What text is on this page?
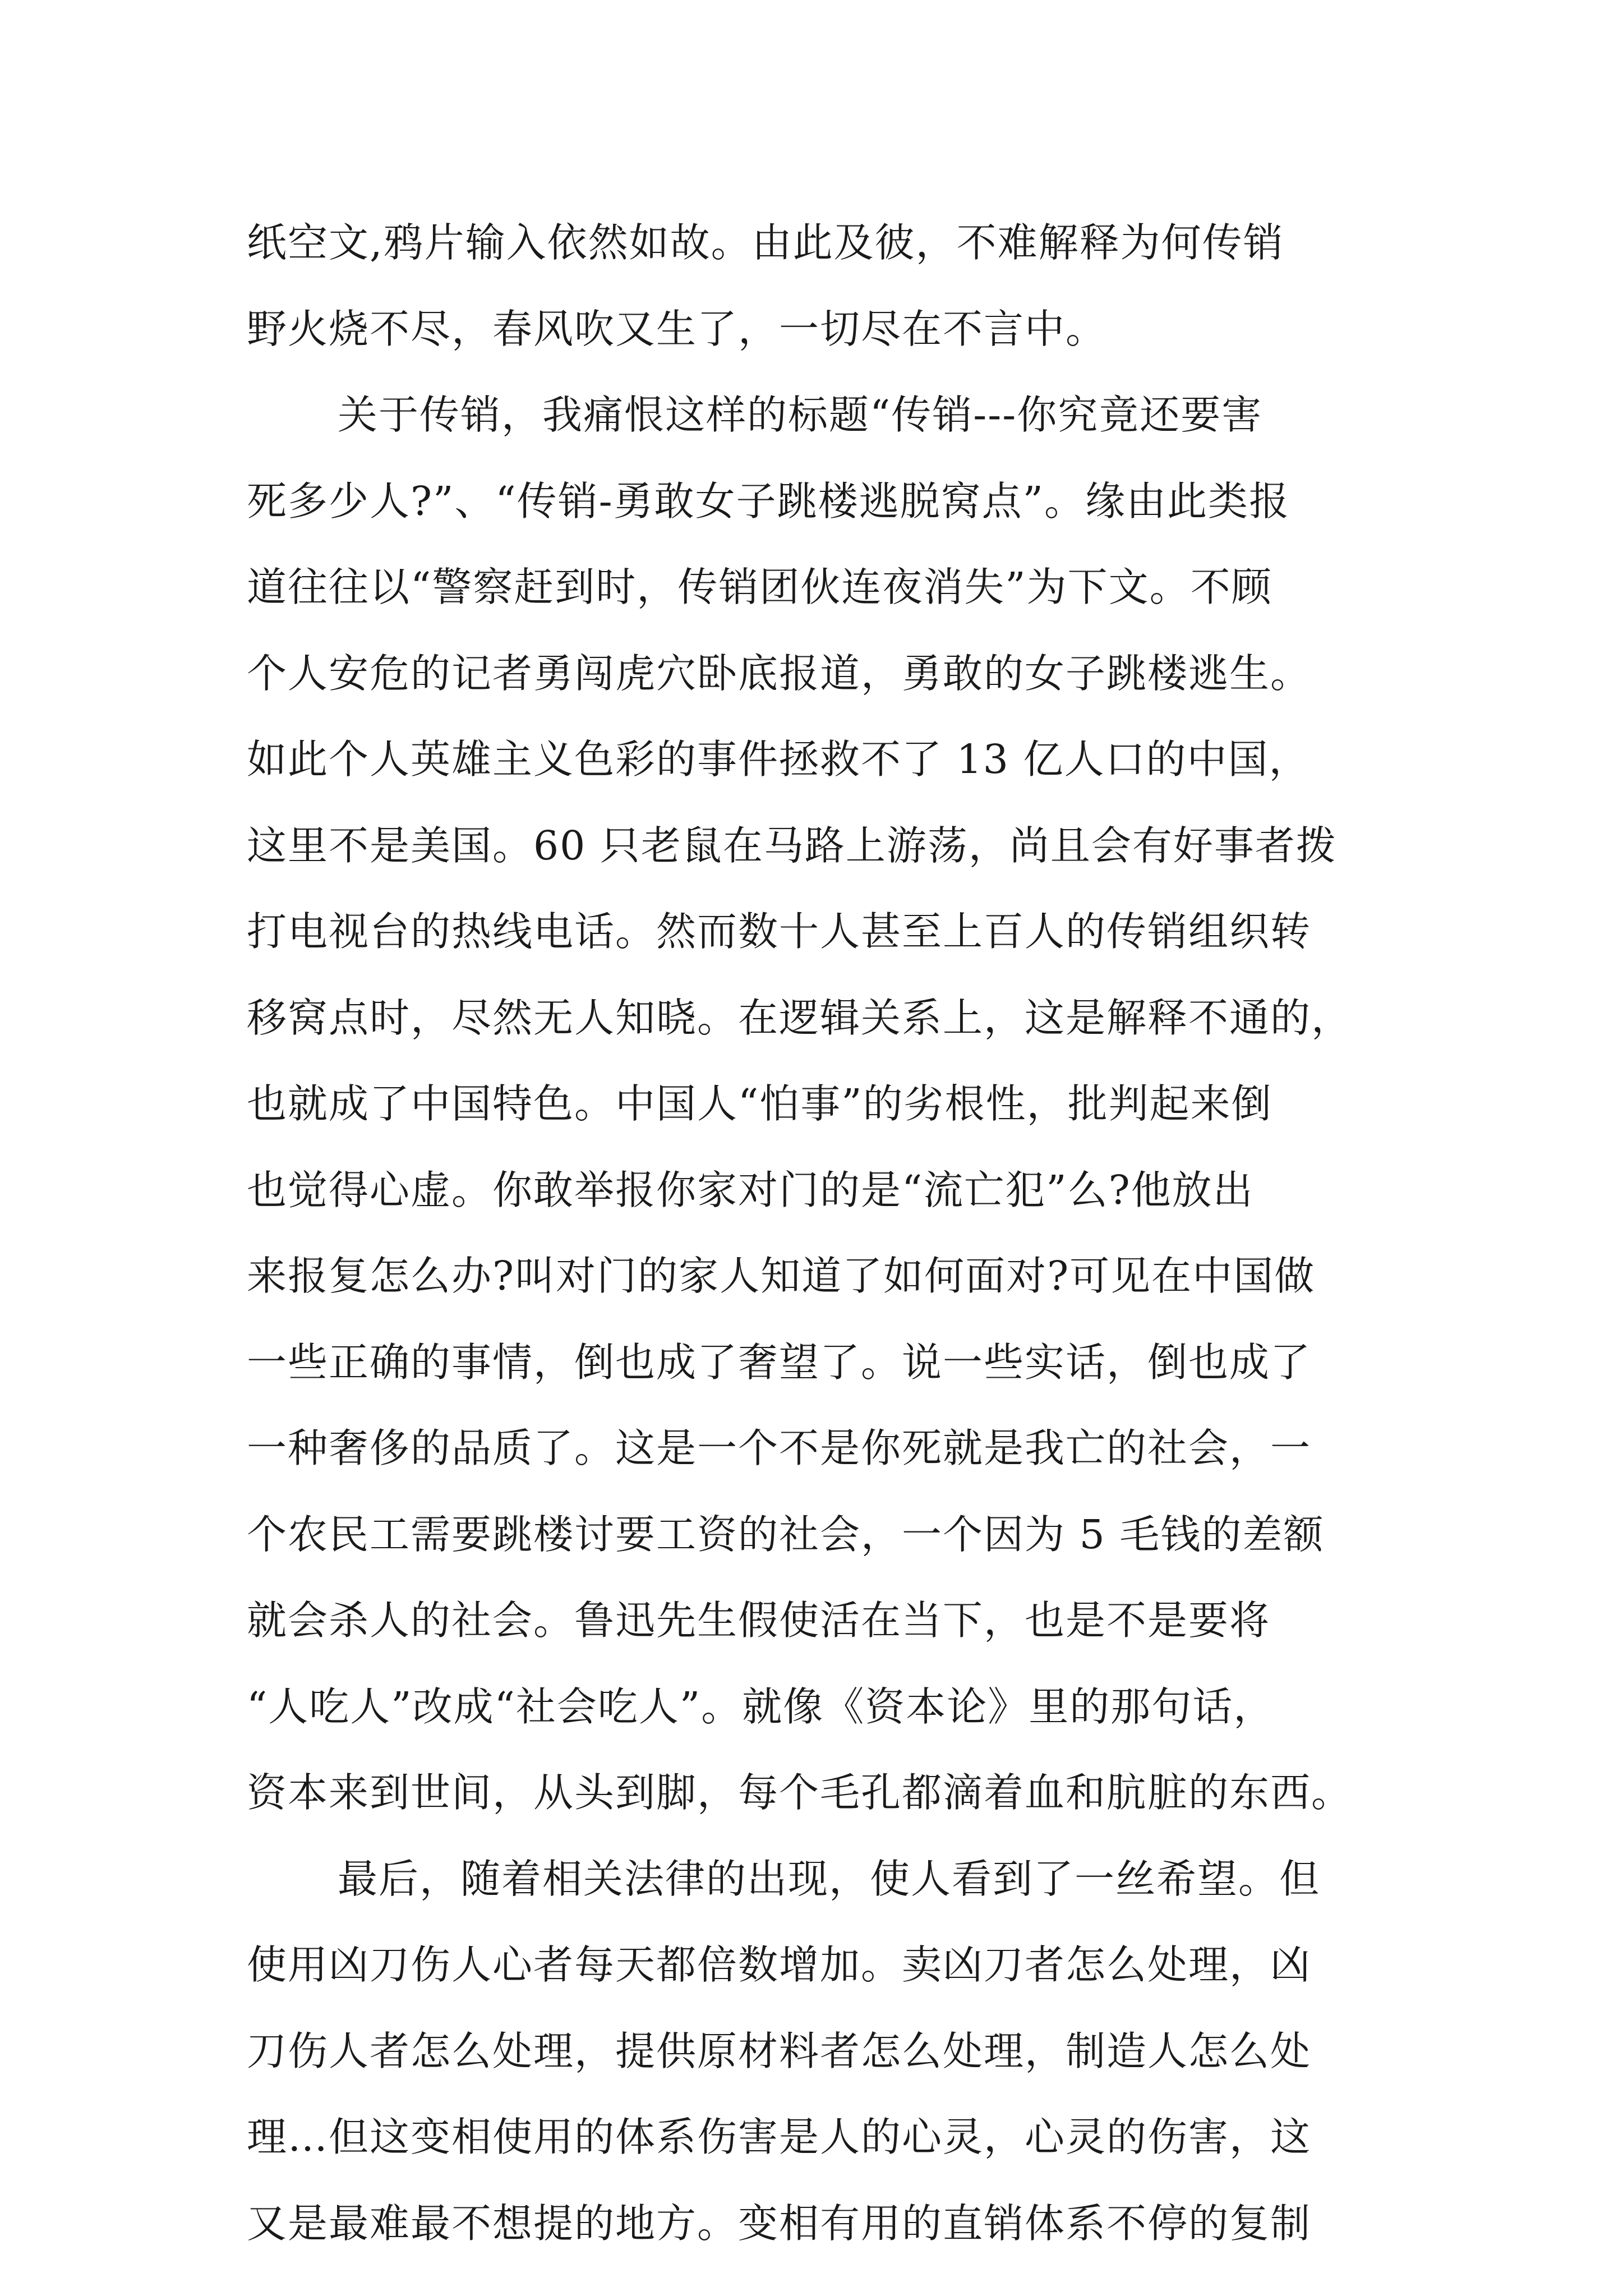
纸空文,鸦片输入依然如故。由此及彼，不难解释为何传销
野火烧不尽，春风吹又生了，一切尽在不言中。
关于传销，我痛恨这样的标题“传销---你究竟还要害
死多少人?”、“传销-勇敢女子跳楼逃脱窝点”。缘由此类报
道往往以“警察赶到时，传销团伙连夜消失”为下文。不顾
个人安危的记者勇闯虎穴卧底报道，勇敢的女子跳楼逃生。
如此个人英雄主义色彩的事件拯救不了 13 亿人口的中国，
这里不是美国。60 只老鼠在马路上游荡，尚且会有好事者拨
打电视台的热线电话。然而数十人甚至上百人的传销组织转
移窝点时，尽然无人知晓。在逻辑关系上，这是解释不通的，
也就成了中国特色。中国人“怕事”的劣根性，批判起来倒
也觉得心虚。你敢举报你家对门的是“流亡犯”么?他放出
来报复怎么办?叫对门的家人知道了如何面对?可见在中国做
一些正确的事情，倒也成了奢望了。说一些实话，倒也成了
一种奢侈的品质了。这是一个不是你死就是我亡的社会，一
个农民工需要跳楼讨要工资的社会，一个因为 5 毛钱的差额
就会杀人的社会。鲁迅先生假使活在当下，也是不是要将
“人吃人”改成“社会吃人”。就像《资本论》里的那句话，
资本来到世间，从头到脚，每个毛孔都滴着血和肮脏的东西。
最后，随着相关法律的出现，使人看到了一丝希望。但
使用凶刀伤人心者每天都倍数增加。卖凶刀者怎么处理，凶
刀伤人者怎么处理，提供原材料者怎么处理，制造人怎么处
理…但这变相使用的体系伤害是人的心灵，心灵的伤害，这
又是最难最不想提的地方。变相有用的直销体系不停的复制
